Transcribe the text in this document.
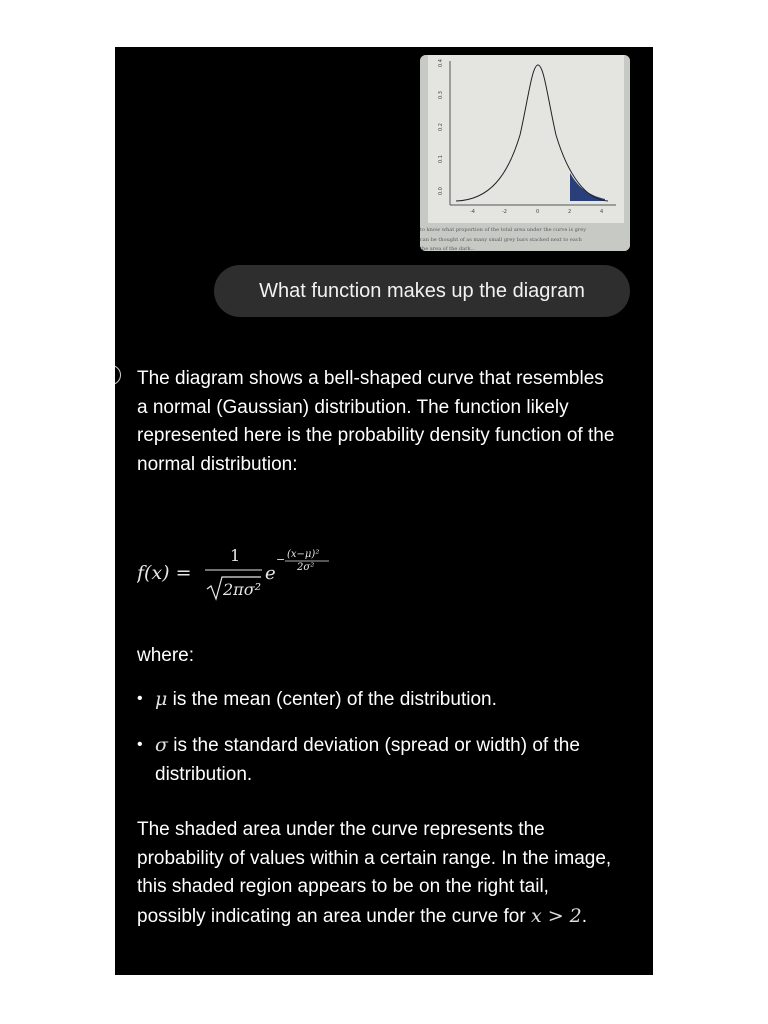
0.0
0.1
0.2
0.3
0.4
-4	-2	0	2	4
to know what proportion of the total area under the curve is grey
can be thought of as many small grey bars stacked next to each
the area of the dark...
What function makes up the diagram

The diagram shows a bell-shaped curve that resembles a normal (Gaussian) distribution. The function likely represented here is the probability density function of the normal distribution:

f(x) =
1
2πσ²
e
− (x−μ)²
2σ²

where:

• μ is the mean (center) of the distribution.
• σ is the standard deviation (spread or width) of the distribution.

The shaded area under the curve represents the probability of values within a certain range. In the image, this shaded region appears to be on the right tail, possibly indicating an area under the curve for x > 2.
